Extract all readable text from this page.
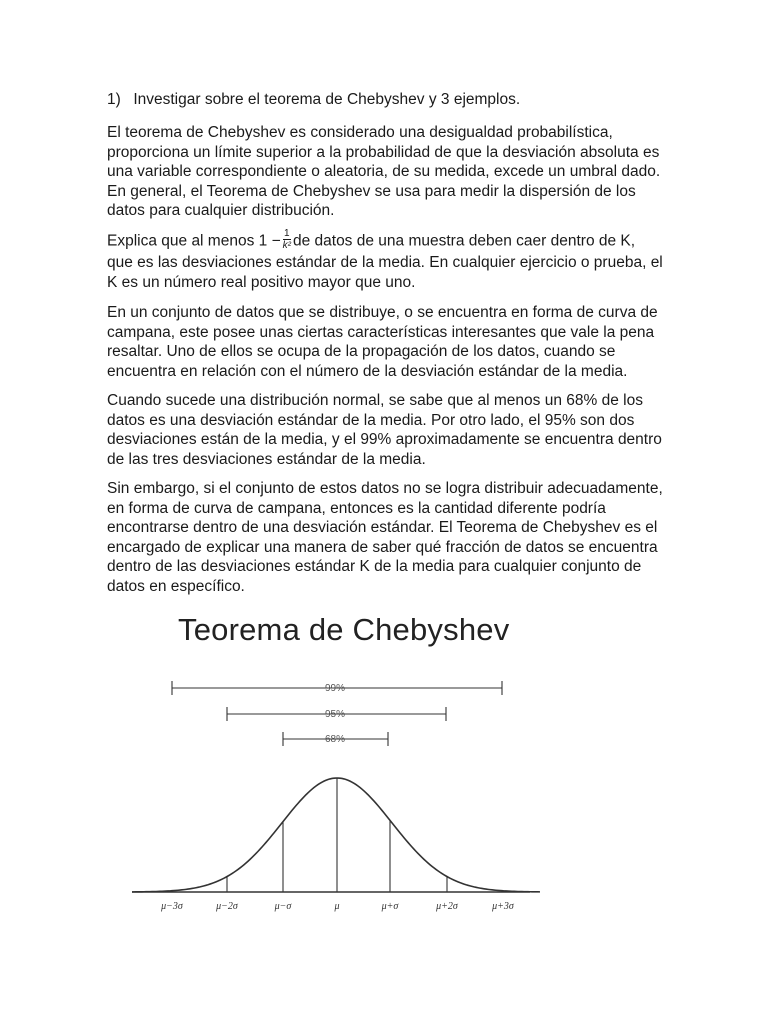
1) Investigar sobre el teorema de Chebyshev y 3 ejemplos.

El teorema de Chebyshev es considerado una desigualdad probabilística, proporciona un límite superior a la probabilidad de que la desviación absoluta es una variable correspondiente o aleatoria, de su medida, excede un umbral dado. En general, el Teorema de Chebyshev se usa para medir la dispersión de los datos para cualquier distribución.

Explica que al menos $1 - \frac{1}{\text{k²}}$ de datos de una muestra deben caer dentro de K, que es las desviaciones estándar de la media. En cualquier ejercicio o prueba, el K es un número real positivo mayor que uno.

En un conjunto de datos que se distribuye, o se encuentra en forma de curva de campana, este posee unas ciertas características interesantes que vale la pena resaltar. Uno de ellos se ocupa de la propagación de los datos, cuando se encuentra en relación con el número de la desviación estándar de la media.

Cuando sucede una distribución normal, se sabe que al menos un 68% de los datos es una desviación estándar de la media. Por otro lado, el 95% son dos desviaciones están de la media, y el 99% aproximadamente se encuentra dentro de las tres desviaciones estándar de la media.

Sin embargo, si el conjunto de estos datos no se logra distribuir adecuadamente, en forma de curva de campana, entonces es la cantidad diferente podría encontrarse dentro de una desviación estándar. El Teorema de Chebyshev es el encargado de explicar una manera de saber qué fracción de datos se encuentra dentro de las desviaciones estándar K de la media para cualquier conjunto de datos en específico.

Teorema de Chebyshev
99%
95%
68%
μ−3σ	μ−2σ	μ−σ	μ	μ+σ	μ+2σ	μ+3σ
